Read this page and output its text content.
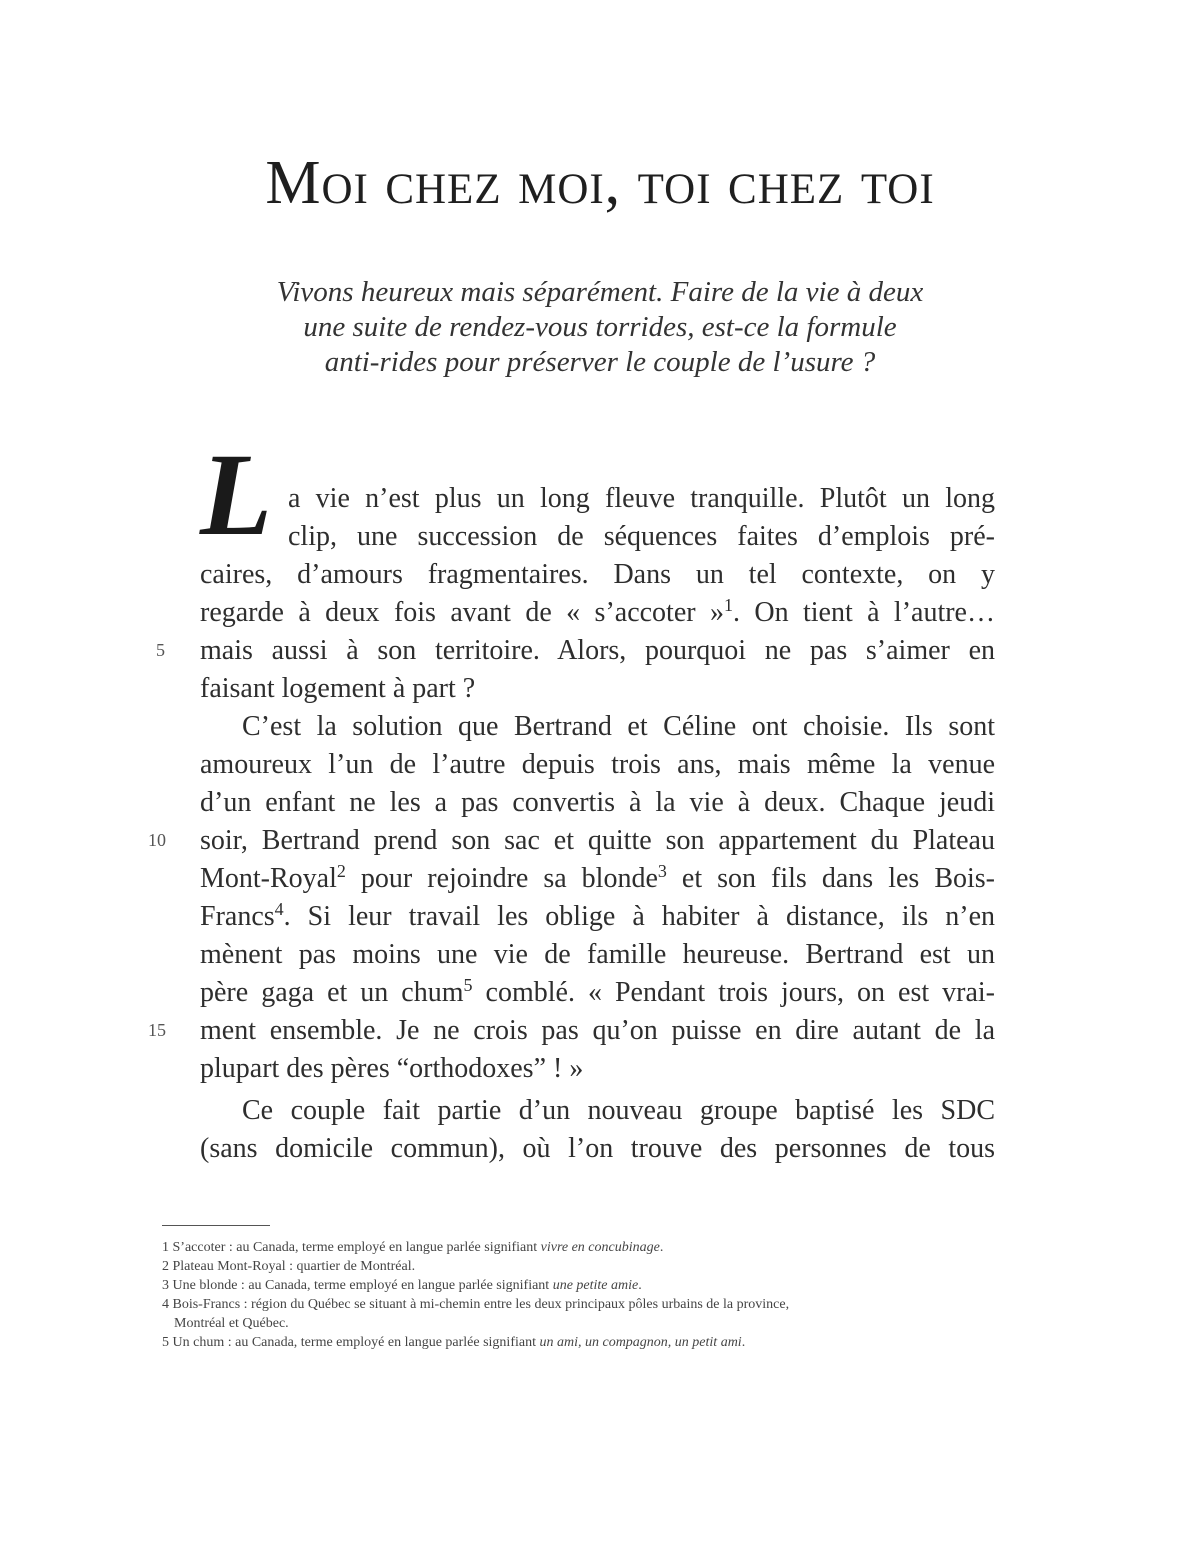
Moi chez moi, toi chez toi
Vivons heureux mais séparément. Faire de la vie à deux
une suite de rendez-vous torrides, est-ce la formule
anti-rides pour préserver le couple de l’usure ?
L a vie n’est plus un long fleuve tranquille. Plutôt un long
clip, une succession de séquences faites d’emplois pré-
caires, d’amours fragmentaires. Dans un tel contexte, on y
regarde à deux fois avant de « s’accoter »$^1$. On tient à l’autre…
mais aussi à son territoire. Alors, pourquoi ne pas s’aimer en
faisant logement à part ?
C’est la solution que Bertrand et Céline ont choisie. Ils sont
amoureux l’un de l’autre depuis trois ans, mais même la venue
d’un enfant ne les a pas convertis à la vie à deux. Chaque jeudi
soir, Bertrand prend son sac et quitte son appartement du Plateau
Mont-Royal$^2$ pour rejoindre sa blonde$^3$ et son fils dans les Bois-
Francs$^4$. Si leur travail les oblige à habiter à distance, ils n’en
mènent pas moins une vie de famille heureuse. Bertrand est un
père gaga et un chum$^5$ comblé. « Pendant trois jours, on est vrai-
ment ensemble. Je ne crois pas qu’on puisse en dire autant de la
plupart des pères “orthodoxes” ! »
Ce couple fait partie d’un nouveau groupe baptisé les SDC
(sans domicile commun), où l’on trouve des personnes de tous
5
10
15
1 S’accoter : au Canada, terme employé en langue parlée signifiant vivre en concubinage.
2 Plateau Mont-Royal : quartier de Montréal.
3 Une blonde : au Canada, terme employé en langue parlée signifiant une petite amie.
4 Bois-Francs : région du Québec se situant à mi-chemin entre les deux principaux pôles urbains de la province,
Montréal et Québec.
5 Un chum : au Canada, terme employé en langue parlée signifiant un ami, un compagnon, un petit ami.
